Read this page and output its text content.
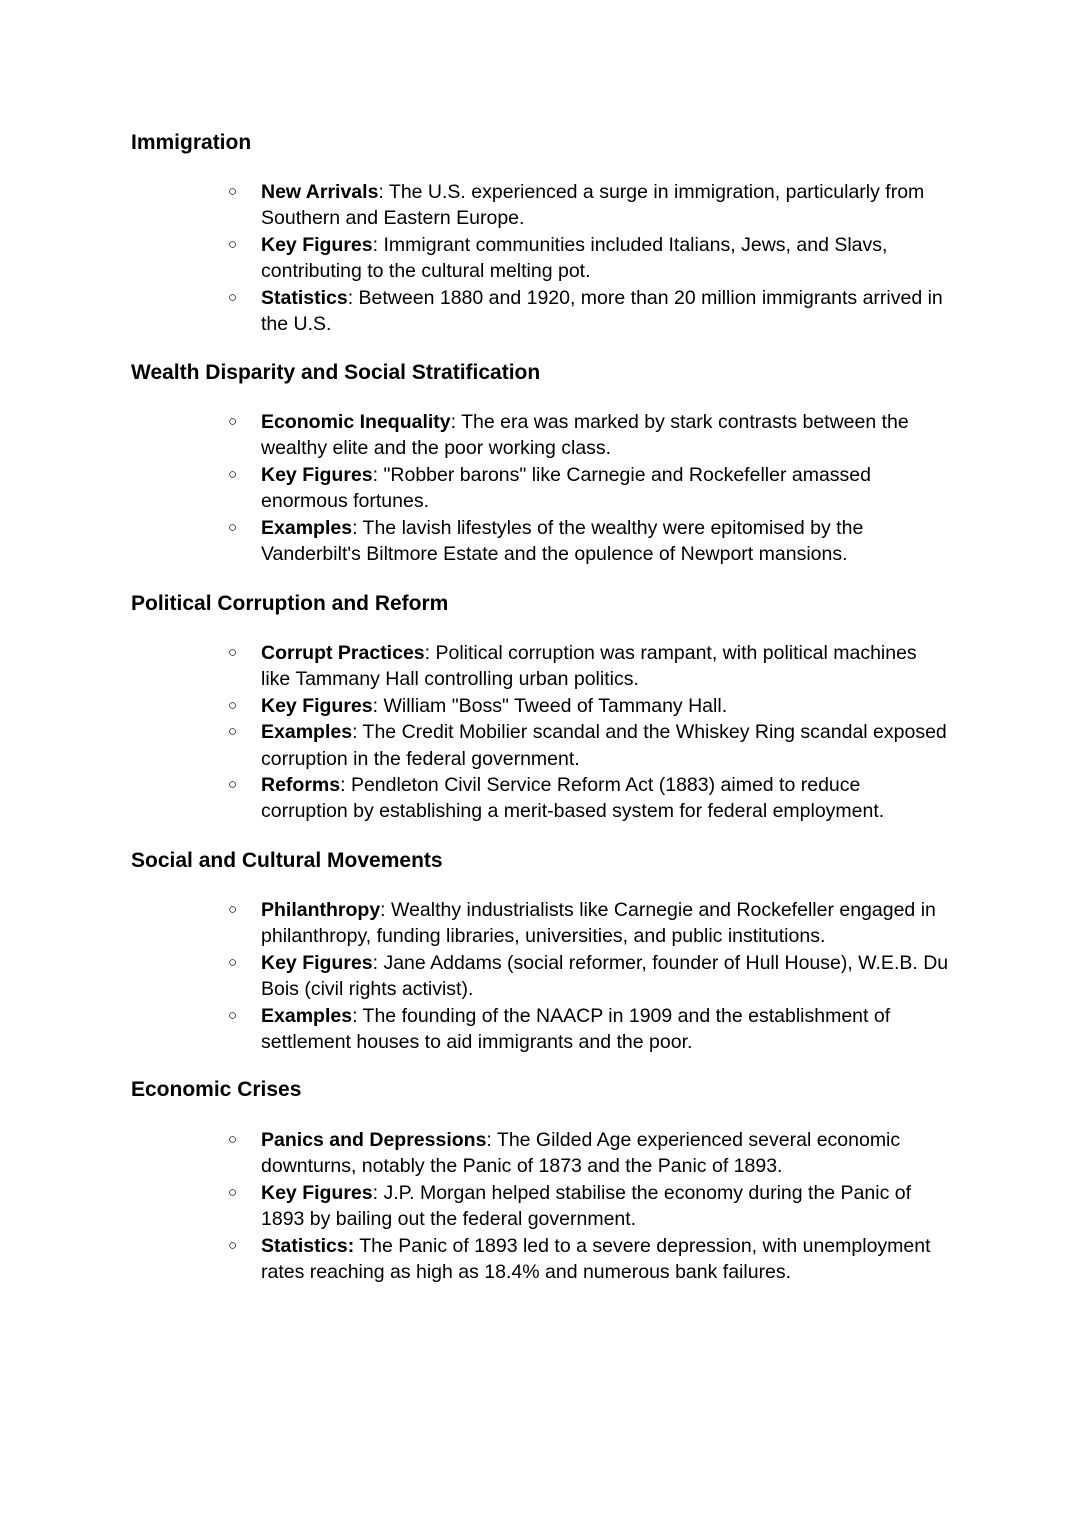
Immigration
○ New Arrivals: The U.S. experienced a surge in immigration, particularly from Southern and Eastern Europe.
○ Key Figures: Immigrant communities included Italians, Jews, and Slavs, contributing to the cultural melting pot.
○ Statistics: Between 1880 and 1920, more than 20 million immigrants arrived in the U.S.
Wealth Disparity and Social Stratification
○ Economic Inequality: The era was marked by stark contrasts between the wealthy elite and the poor working class.
○ Key Figures: "Robber barons" like Carnegie and Rockefeller amassed enormous fortunes.
○ Examples: The lavish lifestyles of the wealthy were epitomised by the Vanderbilt's Biltmore Estate and the opulence of Newport mansions.
Political Corruption and Reform
○ Corrupt Practices: Political corruption was rampant, with political machines like Tammany Hall controlling urban politics.
○ Key Figures: William "Boss" Tweed of Tammany Hall.
○ Examples: The Credit Mobilier scandal and the Whiskey Ring scandal exposed corruption in the federal government.
○ Reforms: Pendleton Civil Service Reform Act (1883) aimed to reduce corruption by establishing a merit-based system for federal employment.
Social and Cultural Movements
○ Philanthropy: Wealthy industrialists like Carnegie and Rockefeller engaged in philanthropy, funding libraries, universities, and public institutions.
○ Key Figures: Jane Addams (social reformer, founder of Hull House), W.E.B. Du Bois (civil rights activist).
○ Examples: The founding of the NAACP in 1909 and the establishment of settlement houses to aid immigrants and the poor.
Economic Crises
○ Panics and Depressions: The Gilded Age experienced several economic downturns, notably the Panic of 1873 and the Panic of 1893.
○ Key Figures: J.P. Morgan helped stabilise the economy during the Panic of 1893 by bailing out the federal government.
○ Statistics: The Panic of 1893 led to a severe depression, with unemployment rates reaching as high as 18.4% and numerous bank failures.
